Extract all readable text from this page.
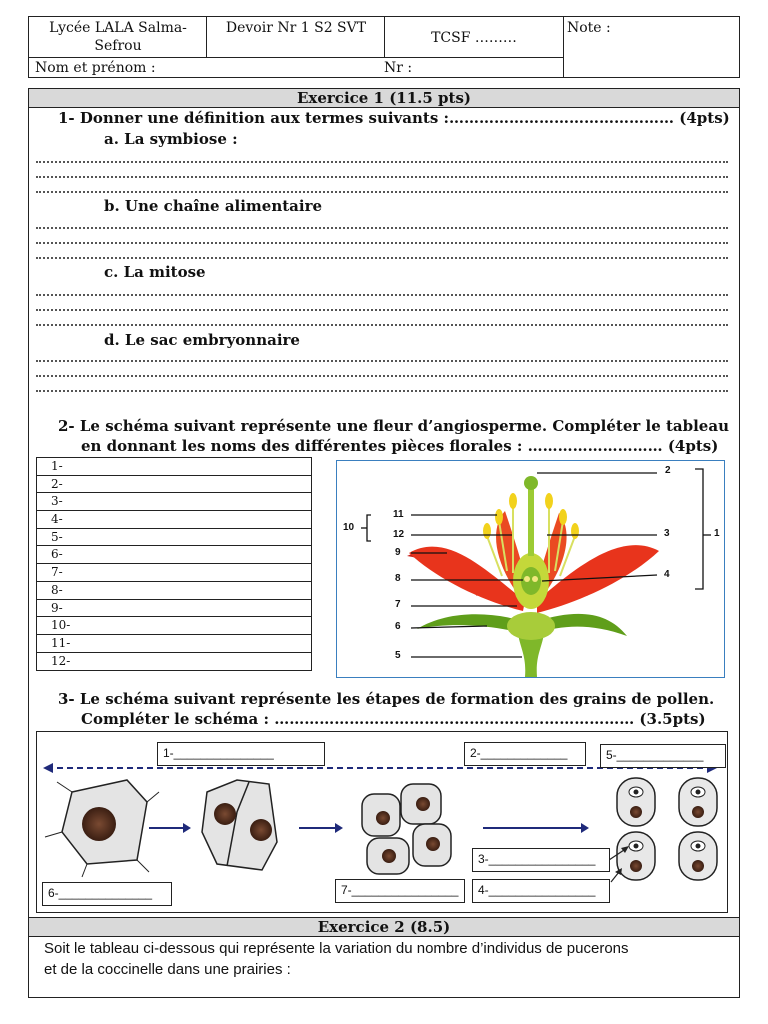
Lycée LALA Salma-Sefrou
Devoir Nr 1 S2 SVT
TCSF ………
Note :
Nom et prénom :	Nr :
Exercice 1 (11.5 pts)
1- Donner une définition aux termes suivants :……………………………………… (4pts)
a. La symbiose :
b. Une chaîne alimentaire
c. La mitose
d. Le sac embryonnaire
2- Le schéma suivant représente une fleur d’angiosperme. Compléter le tableau
en donnant les noms des différentes pièces florales : ……………………… (4pts)
1-
2-
3-
4-
5-
6-
7-
8-
9-
10-
11-
12-
2
11
12
9
3
8	4
7
6
5
1
10
3- Le schéma suivant représente les étapes de formation des grains de pollen.
Compléter le schéma : ……………………………………………………………… (3.5pts)
1-_______________	2-_____________	5-_____________
3-________________
4-________________
6-______________	7-________________
Exercice 2 (8.5)
Soit le tableau ci-dessous qui représente la variation du nombre d’individus de pucerons
et de la coccinelle dans une prairies :
